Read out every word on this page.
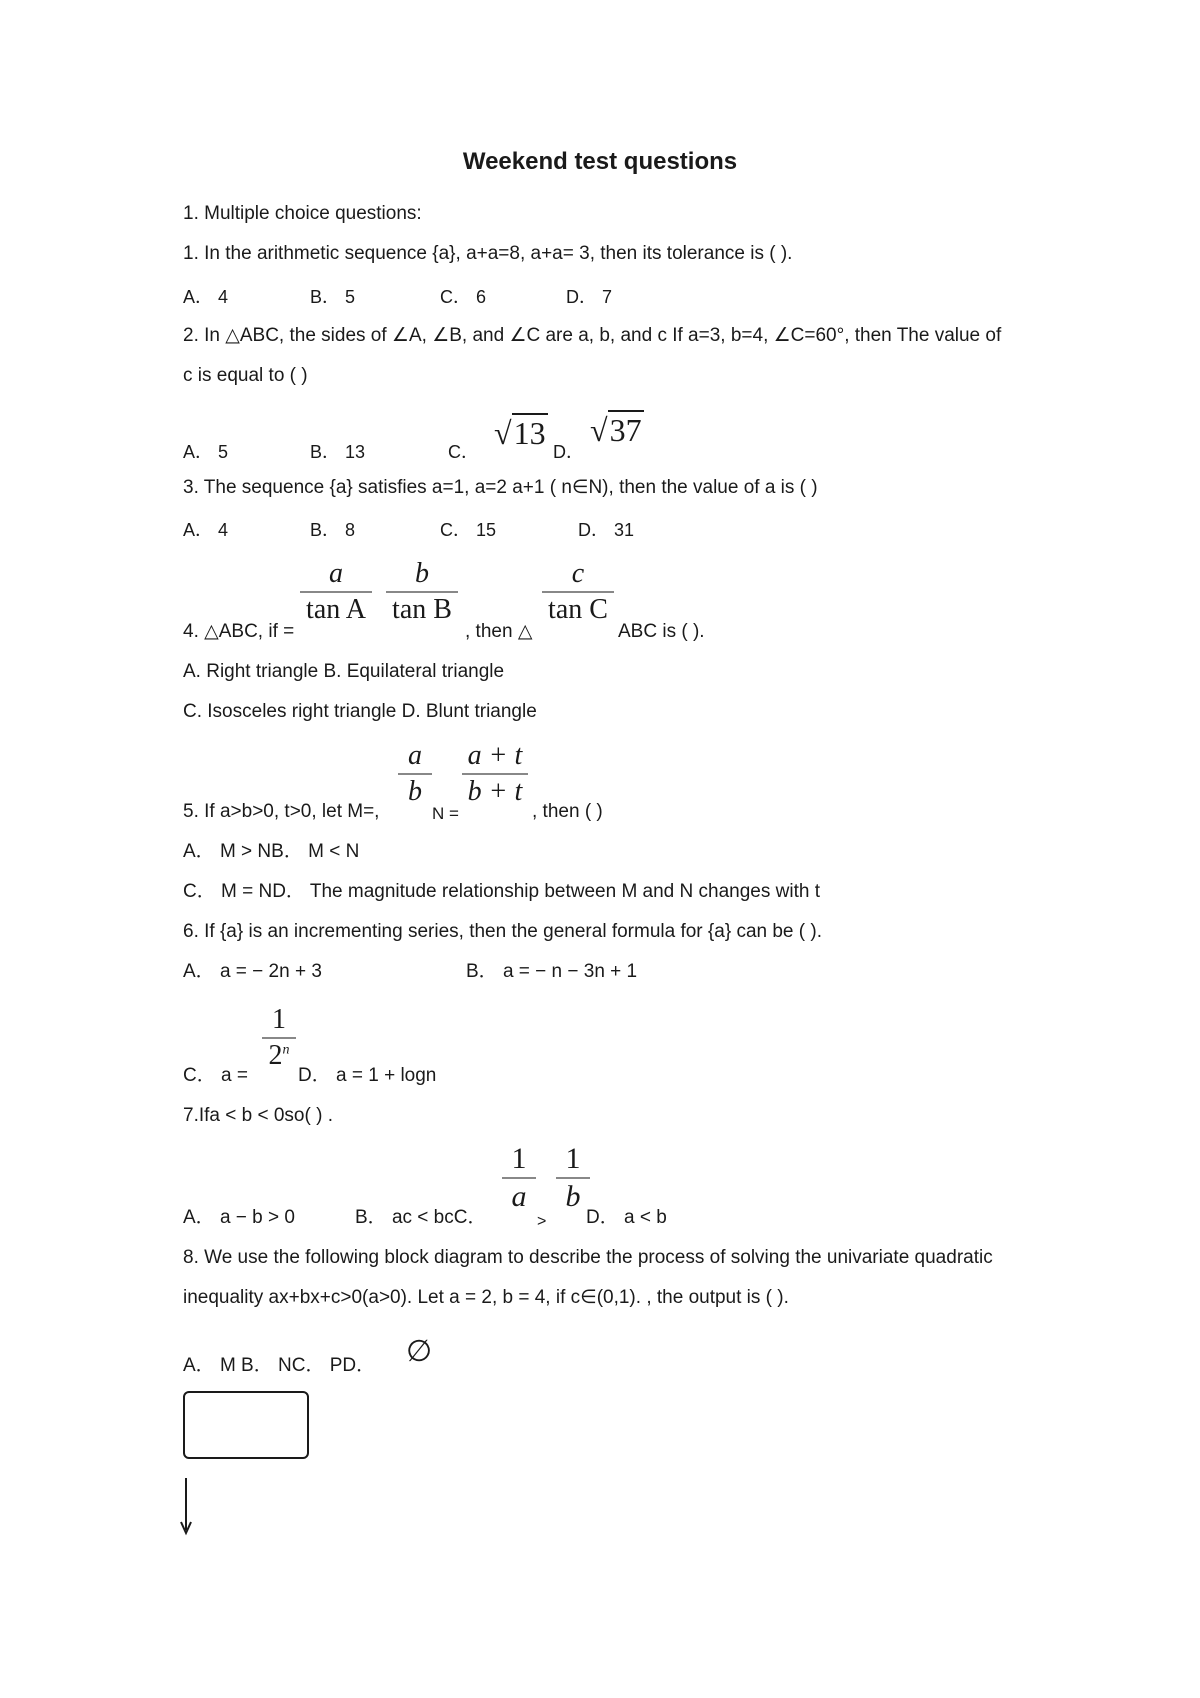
Weekend test questions
1. Multiple choice questions:
1. In the arithmetic sequence {a}, a+a=8, a+a= 3, then its tolerance is ( ).
A． 4	B． 5	C． 6	D． 7
2. In △ABC, the sides of ∠A, ∠B, and ∠C are a, b, and c If a=3, b=4, ∠C=60°, then The value of
c is equal to ( )
A． 5	B． 13	C．
√13
D．
√37
3. The sequence {a} satisfies a=1, a=2 a+1 ( n∈N), then the value of a is ( )
A． 4	B． 8	C． 15	D． 31
a
tan A
b
tan B
c
tan C
4. △ABC, if =	, then △	ABC is ( ).
A. Right triangle B. Equilateral triangle
C. Isosceles right triangle D. Blunt triangle
a
b
a + t
b + t
5. If a>b>0, t>0, let M=,	N =	, then ( )
A． M > NB． M < N
C． M = ND． The magnitude relationship between M and N changes with t
6. If {a} is an incrementing series, then the general formula for {a} can be ( ).
A． a = − 2n + 3	B． a = − n − 3n + 1
1
2$^n$
C． a =	D． a = 1 + logn
7.Ifa < b < 0so( ) .
1
a
1
b
A． a − b > 0	B． ac < bcC．	> D． a < b
8. We use the following block diagram to describe the process of solving the univariate quadratic
inequality ax+bx+c>0(a>0). Let a = 2, b = 4, if c∈(0,1). , the output is ( ).
A． M B． NC． PD． ∅
